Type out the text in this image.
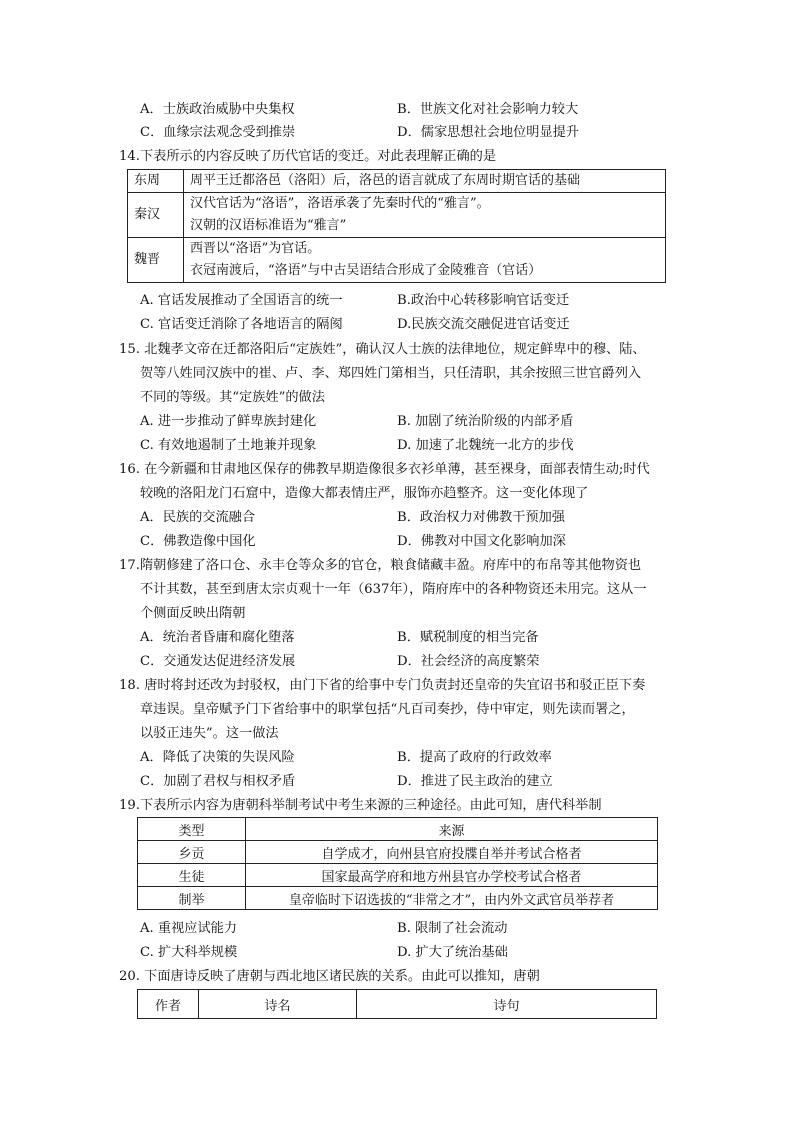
A．士族政治威胁中央集权	B．世族文化对社会影响力较大
C．血缘宗法观念受到推崇	D．儒家思想社会地位明显提升
14.下表所示的内容反映了历代官话的变迁。对此表理解正确的是
东周	周平王迁都洛邑（洛阳）后，洛邑的语言就成了东周时期官话的基础

秦汉	汉代官话为“洛语”，洛语承袭了先秦时代的“雅言”。
汉朝的汉语标准语为“雅言”

魏晋	西晋以“洛语”为官话。
衣冠南渡后，“洛语”与中古吴语结合形成了金陵雅音（官话）
A. 官话发展推动了全国语言的统一	B.政治中心转移影响官话变迁
C. 官话变迁消除了各地语言的隔阂	D.民族交流交融促进官话变迁
15. 北魏孝文帝在迁都洛阳后“定族姓”，确认汉人士族的法律地位，规定鲜卑中的穆、陆、
贺等八姓同汉族中的崔、卢、李、郑四姓门第相当，只任清职，其余按照三世官爵列入
不同的等级。其“定族姓”的做法
A. 进一步推动了鲜卑族封建化	B. 加剧了统治阶级的内部矛盾
C. 有效地遏制了土地兼并现象	D. 加速了北魏统一北方的步伐
16. 在今新疆和甘肃地区保存的佛教早期造像很多衣衫单薄，甚至裸身，面部表情生动;时代
较晚的洛阳龙门石窟中，造像大都表情庄严，服饰亦趋整齐。这一变化体现了
A．民族的交流融合	B．政治权力对佛教干预加强
C．佛教造像中国化	D．佛教对中国文化影响加深
17.隋朝修建了洛口仓、永丰仓等众多的官仓，粮食储藏丰盈。府库中的布帛等其他物资也
不计其数，甚至到唐太宗贞观十一年（637年），隋府库中的各种物资还未用完。这从一
个侧面反映出隋朝
A．统治者昏庸和腐化堕落	B．赋税制度的相当完备
C．交通发达促进经济发展	D．社会经济的高度繁荣
18. 唐时将封还改为封驳权，由门下省的给事中专门负责封还皇帝的失宜诏书和驳正臣下奏
章违误。皇帝赋予门下省给事中的职掌包括“凡百司奏抄，侍中审定，则先读而署之，
以驳正违失”。这一做法
A．降低了决策的失误风险	B．提高了政府的行政效率
C．加剧了君权与相权矛盾	D．推进了民主政治的建立
19.下表所示内容为唐朝科举制考试中考生来源的三种途径。由此可知，唐代科举制
类型	来源
乡贡	自学成才，向州县官府投牒自举并考试合格者
生徒	国家最高学府和地方州县官办学校考试合格者
制举	皇帝临时下诏选拔的“非常之才”，由内外文武官员举荐者
A. 重视应试能力	B. 限制了社会流动
C. 扩大科举规模	D. 扩大了统治基础
20. 下面唐诗反映了唐朝与西北地区诸民族的关系。由此可以推知，唐朝
作者	诗名	诗句
